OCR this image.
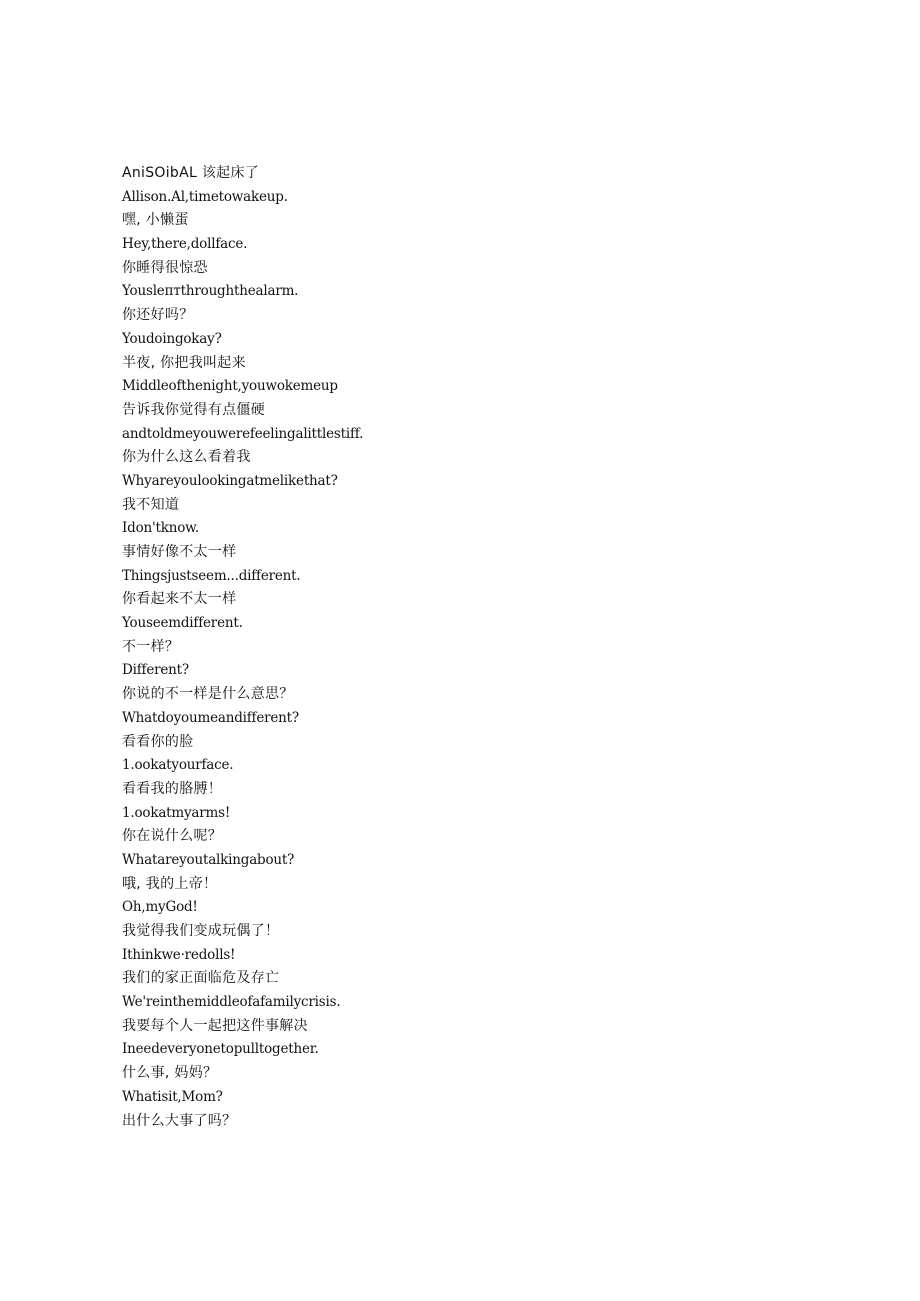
AniSOibAL 该起床了
Allison.Al,timetowakeup.
嘿, 小懒蛋
Hey,there,dollface.
你睡得很惊恐
Youslептthroughthealarm.
你还好吗？
Youdoingokay?
半夜, 你把我叫起来
Middleofthenight,youwokemeup
告诉我你觉得有点僵硬
andtoldmeyouwerefeelingalittlestiff.
你为什么这么看着我
Whyareyoulookingatmelikethat?
我不知道
Idon'tknow.
事情好像不太一样
Thingsjustseem...different.
你看起来不太一样
Youseemdifferent.
不一样？
Different?
你说的不一样是什么意思？
Whatdoyoumeandifferent?
看看你的脸
1.ookatyourface.
看看我的胳膊！
1.ookatmyarms!
你在说什么呢？
Whatareyoutalkingabout?
哦, 我的上帝！
Oh,myGod!
我觉得我们变成玩偶了！
Ithinkwe·redolls!
我们的家正面临危及存亡
We'reinthemiddleofafamilycrisis.
我要每个人一起把这件事解决
Ineedeveryonetopulltogether.
什么事, 妈妈？
Whatisit,Mom?
出什么大事了吗？
